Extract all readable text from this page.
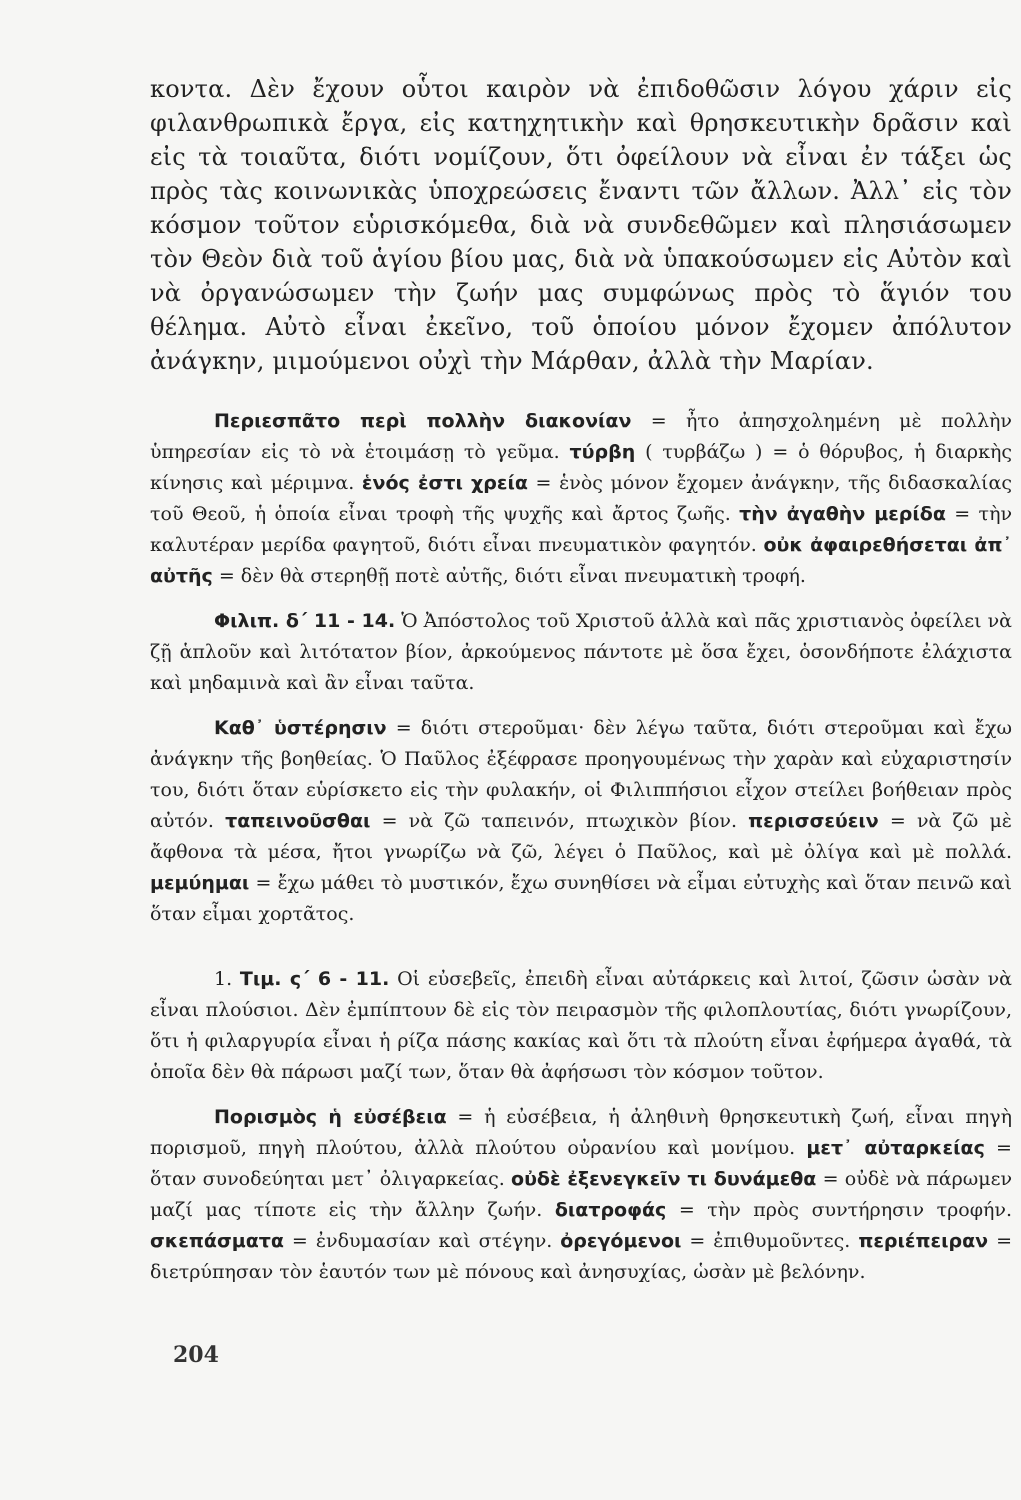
κοντα. Δὲν ἔχουν οὗτοι καιρὸν νὰ ἐπιδοθῶσιν λόγου χάριν εἰς φιλανθρωπικὰ ἔργα, εἰς κατηχητικὴν καὶ θρησκευτικὴν δρᾶσιν καὶ εἰς τὰ τοιαῦτα, διότι νομίζουν, ὅτι ὀφείλουν νὰ εἶναι ἐν τάξει ὡς πρὸς τὰς κοινωνικὰς ὑποχρεώσεις ἔναντι τῶν ἄλλων. Ἀλλ᾿ εἰς τὸν κόσμον τοῦτον εὑρισκόμεθα, διὰ νὰ συνδεθῶμεν καὶ πλησιάσωμεν τὸν Θεὸν διὰ τοῦ ἁγίου βίου μας, διὰ νὰ ὑπακούσωμεν εἰς Αὐτὸν καὶ νὰ ὀργανώσωμεν τὴν ζωήν μας συμφώνως πρὸς τὸ ἅγιόν του θέλημα. Αὐτὸ εἶναι ἐκεῖνο, τοῦ ὁποίου μόνον ἔχομεν ἀπόλυτον ἀνάγκην, μιμούμενοι οὐχὶ τὴν Μάρθαν, ἀλλὰ τὴν Μαρίαν.

Περιεσπᾶτο περὶ πολλὴν διακονίαν = ἦτο ἀπησχολημένη μὲ πολλὴν ὑπηρεσίαν εἰς τὸ νὰ ἑτοιμάσῃ τὸ γεῦμα. τύρβη ( τυρβάζω ) = ὁ θόρυβος, ἡ διαρκὴς κίνησις καὶ μέριμνα. ἑνός ἐστι χρεία = ἑνὸς μόνον ἔχομεν ἀνάγκην, τῆς διδασκαλίας τοῦ Θεοῦ, ἡ ὁποία εἶναι τροφὴ τῆς ψυχῆς καὶ ἄρτος ζωῆς. τὴν ἀγαθὴν μερίδα = τὴν καλυτέραν μερίδα φαγητοῦ, διότι εἶναι πνευματικὸν φαγητόν. οὐκ ἀφαιρεθήσεται ἀπ᾿ αὐτῆς = δὲν θὰ στερηθῇ ποτὲ αὐτῆς, διότι εἶναι πνευματικὴ τροφή.

Φιλιπ. δ΄ 11 - 14. Ὁ Ἀπόστολος τοῦ Χριστοῦ ἀλλὰ καὶ πᾶς χριστιανὸς ὀφείλει νὰ ζῇ ἁπλοῦν καὶ λιτότατον βίον, ἀρκούμενος πάντοτε μὲ ὅσα ἔχει, ὁσονδήποτε ἐλάχιστα καὶ μηδαμινὰ καὶ ἂν εἶναι ταῦτα.

Καθ᾿ ὑστέρησιν = διότι στεροῦμαι· δὲν λέγω ταῦτα, διότι στεροῦμαι καὶ ἔχω ἀνάγκην τῆς βοηθείας. Ὁ Παῦλος ἐξέφρασε προηγουμένως τὴν χαρὰν καὶ εὐχαριστησίν του, διότι ὅταν εὑρίσκετο εἰς τὴν φυλακήν, οἱ Φιλιππήσιοι εἶχον στείλει βοήθειαν πρὸς αὐτόν. ταπεινοῦσθαι = νὰ ζῶ ταπεινόν, πτωχικὸν βίον. περισσεύειν = νὰ ζῶ μὲ ἄφθονα τὰ μέσα, ἤτοι γνωρίζω νὰ ζῶ, λέγει ὁ Παῦλος, καὶ μὲ ὀλίγα καὶ μὲ πολλά. μεμύημαι = ἔχω μάθει τὸ μυστικόν, ἔχω συνηθίσει νὰ εἶμαι εὐτυχὴς καὶ ὅταν πεινῶ καὶ ὅταν εἶμαι χορτᾶτος.

1. Τιμ. ς΄ 6 - 11. Οἱ εὐσεβεῖς, ἐπειδὴ εἶναι αὐτάρκεις καὶ λιτοί, ζῶσιν ὡσὰν νὰ εἶναι πλούσιοι. Δὲν ἐμπίπτουν δὲ εἰς τὸν πειρασμὸν τῆς φιλοπλουτίας, διότι γνωρίζουν, ὅτι ἡ φιλαργυρία εἶναι ἡ ρίζα πάσης κακίας καὶ ὅτι τὰ πλούτη εἶναι ἐφήμερα ἀγαθά, τὰ ὁποῖα δὲν θὰ πάρωσι μαζί των, ὅταν θὰ ἀφήσωσι τὸν κόσμον τοῦτον.

Πορισμὸς ἡ εὐσέβεια = ἡ εὐσέβεια, ἡ ἀληθινὴ θρησκευτικὴ ζωή, εἶναι πηγὴ πορισμοῦ, πηγὴ πλούτου, ἀλλὰ πλούτου οὐρανίου καὶ μονίμου. μετ᾿ αὐταρκείας = ὅταν συνοδεύηται μετ᾿ ὀλιγαρκείας. οὐδὲ ἐξενεγκεῖν τι δυνάμεθα = οὐδὲ νὰ πάρωμεν μαζί μας τίποτε εἰς τὴν ἄλλην ζωήν. διατροφάς = τὴν πρὸς συντήρησιν τροφήν. σκεπάσματα = ἐνδυμασίαν καὶ στέγην. ὀρεγόμενοι = ἐπιθυμοῦντες. περιέπειραν = διετρύπησαν τὸν ἑαυτόν των μὲ πόνους καὶ ἀνησυχίας, ὡσὰν μὲ βελόνην.

204
